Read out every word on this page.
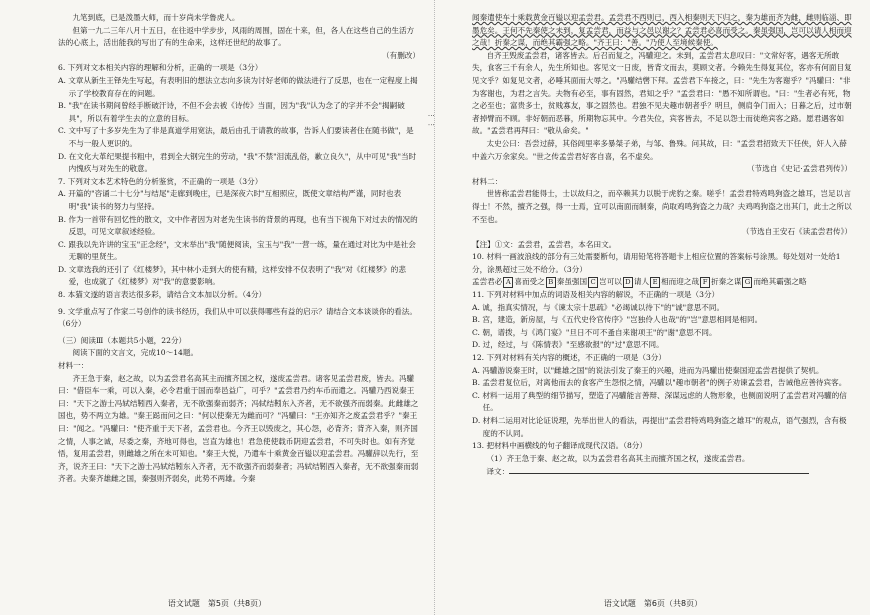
⋮ ⋮

九笔到底，已是泼墨大师，而十岁尚未学鲁虎人。

但第一九二三年八月十五日，在往返中学步步，风雨的周围，固在十来，但，各人在这些自己的生活方法的心底上，活出能我的写出了有的生命来，这样还世纪的故事了。

（有删改）

6. 下列对文本相关内容的理解和分析，正确的一项是（3分）

A. 文章从新生王铎先生写起，有表明旧的想法立志向多读为讨好老师的做法进行了反思，也在一定程度上揭示了学校教育存在的问题。

B. "我"在读书期间曾经手断破汗诗，不但不会去被《诗传》当面，因为"我"认为念了的字并不会"揭嗣破具"，所以有着学生去的立意的目标。

C. 文中写了十多岁先生为了非是真道学用宽法，最后由孔于请教的故事，告诉人们要读者住在随书做"，是不与一般人更识的。

D. 在文化大革纪果提书粗中，君到全大钢完生的劳动，"我"不禁"泪流乱俗，歉立良久"，从中可见"我"当时内愧疚与对先生的敬意。

7. 下列对文本艺术特色的分析鉴赏，不正确的一项是（3分）

A. 开篇的"咨诵二十七分"与结尾"走廊到晚庄，已是深夜六时"互相照应，既使文章结构严谨，同时也表明"我"读书的努力与坚持。

B. 作为一首带有回忆性的散文，文中作者因为对老先生读书的背景的再现，也有当下视角下对过去的情况的反思，可见文章叙述经验。

C. 跟我以先许讲的宝玉"正念经"，文末举出"我"随便阅读，宝玉与"我"一营一练，量在通过对比为中是社会无聊的里贤生。

D. 文章选我的还引了《红楼梦》，其中林小走到大的使有精，这样安排不仅表明了"我"对《红楼梦》的悲爱，也成就了《红楼梦》对"我"的意要影响。

8. 本猫文遂的语言表达很多彩，请结合文本加以分析。（4分）

9. 文学重点写了作家二号创作的读书经历，我们从中可以获得哪些有益的启示？请结合文本谈谈你的看法。（6分）

（三）阅读Ⅲ（本题共5小题，22分）

阅读下面的文言文，完成10～14题。

材料一：

齐王急于秦，赵之故，以为孟尝君名高其主而擅齐国之权，遂废孟尝君。诸客见孟尝君废，皆去。冯驩曰："借臣车一乘，可以入秦，必令君重于国而奉邑益广，可乎？"孟尝君乃约车币而遣之。冯驩乃西说秦王曰："天下之游士冯轼结靷西入秦者，无不欲强秦而弱齐；冯轼结靷东入齐者，无不欲强齐而弱秦。此雌雄之国也，势不两立为雄。"秦王跽而问之曰："何以使秦无为雌而可？"冯驩曰："王亦知齐之废孟尝君乎？"秦王曰："闻之。"冯驩曰："使齐重于天下者，孟尝君也。今齐王以毁废之，其心怨，必背齐；背齐入秦，则齐国之情，人事之诚，尽委之秦，齐地可得也，岂直为雄也！君急使使载币阴迎孟尝君，不可失时也。如有齐觉悟，复用孟尝君，则雌雄之所在未可知也。"秦王大悦，乃遣车十乘黄金百镒以迎孟尝君。冯驩辞以先行，至齐，说齐王曰："天下之游士冯轼结靷东入齐者，无不欲强齐而弱秦者；冯轼结靷西入秦者，无不欲强秦而弱齐者。夫秦齐雄雌之国，秦强则齐弱矣，此势不两雄。今秦

语文试题　第5页（共8页）

闻秦遣使车十乘载黄金百镒以迎孟尝君。孟尝君不西则已，西入相秦则天下归之，秦为雄而齐为雌，雌则临淄、即墨危矣。王何不先秦使之未到，复孟尝君，而益与之邑以谢之？孟尝君必喜而受之。秦虽强国，岂可以请人相而迎之哉！折秦之谋，而绝其霸强之略。"齐王曰："善。"乃使人至境候秦使。

自齐王毁废孟尝君，诸客皆去。后召而复之，冯驩迎之。未到，孟尝君太息叹曰："文常好客，遇客无所敢失，食客三千有余人，先生所知也。客见文一日废，皆背文而去，莫顾文者。今赖先生得复其位，客亦有何面目复见文乎？如复见文者，必唾其面而大辱之。"冯驩结辔下拜。孟尝君下车接之，曰："先生为客谢乎？"冯驩曰："非为客谢也，为君之言失。夫物有必至，事有固然，君知之乎？"孟尝君曰："愚不知所谓也。"曰："生者必有死，物之必至也；富贵多士，贫贱寡友，事之固然也。君独不见夫趣市朝者乎？明旦，侧肩争门而入；日暮之后，过市朝者掉臂而不顾。非好朝而恶暮，所期物忘其中。今君失位，宾客皆去，不足以怨士而徒绝宾客之路。愿君遇客如故。"孟尝君再拜曰："敬从命矣。"

太史公曰：吾尝过薛，其俗闾里率多暴桀子弟，与邹、鲁殊。问其故，曰："孟尝君招致天下任侠，奸人入薛中盖六万余家矣。"世之传孟尝君好客自喜，名不虚矣。

（节选自《史记·孟尝君列传》）

材料二：

世皆称孟尝君能得士，士以故归之，而卒赖其力以脱于虎豹之秦。嗟乎！孟尝君特鸡鸣狗盗之雄耳，岂足以言得士！不然，擅齐之强，得一士焉，宜可以南面而制秦，尚取鸡鸣狗盗之力哉？夫鸡鸣狗盗之出其门，此士之所以不至也。

（节选自王安石《读孟尝君传》）

【注】①文：孟尝君，孟尝君，本名田文。

10. 材料一画波浪线的部分有三处需要断句，请用铅笔将答题卡上相应位置的答案标号涂黑。每处划对一处给1分，涂黑超过三处不给分。（3分）

孟尝君必 A 喜而受之 B 秦虽强国 C 岂可以 D 请人 E 相而迎之哉 F 折秦之谋 G 而绝其霸强之略

11. 下列对材料中加点的词语及相关内容的解说，不正确的一项是（3分）

A. 诚，指真实情况，与《谏太宗十思疏》"必竭诚以待下"的"诚"意思不同。

B. 宫，建造，新房屋，与《五代史伶官传序》"岂独伶人也哉"的"岂"意思相同是相同。

C. 朝，谱拨，与《鸿门宴》"旦日不可不蚤自来谢项王"的"谢"意思不同。

D. 过，经过，与《陈情表》"至感欲报"的"过"意思不同。

12. 下列对材料有关内容的概述，不正确的一项是（3分）

A. 冯驩游说秦王时，以"雌雄之国"的说法引发了秦王的兴趣，进而为冯驩出使秦国迎孟尝君提供了契机。

B. 孟尝君复位后，对离他而去的食客产生怨恨之情，冯驩以"趣市朝者"的例子劝谏孟尝君，告诫他应善待宾客。

C. 材料一运用了典型的细节描写，塑造了冯驩能言善辩、深谋远虑的人物形象，也侧面说明了孟尝君对冯驩的信任。

D. 材料二运用对比论证说理，先举出世人的看法，再提出"孟尝君特鸡鸣狗盗之雄耳"的观点，语气强烈，含有极度的不认同。

13. 把材料中画横线的句子翻译成现代汉语。（8分）

（1）齐王急于秦、赵之故，以为孟尝君名高其主而擅齐国之权，遂废孟尝君。

译文：

语文试题　第6页（共8页）
